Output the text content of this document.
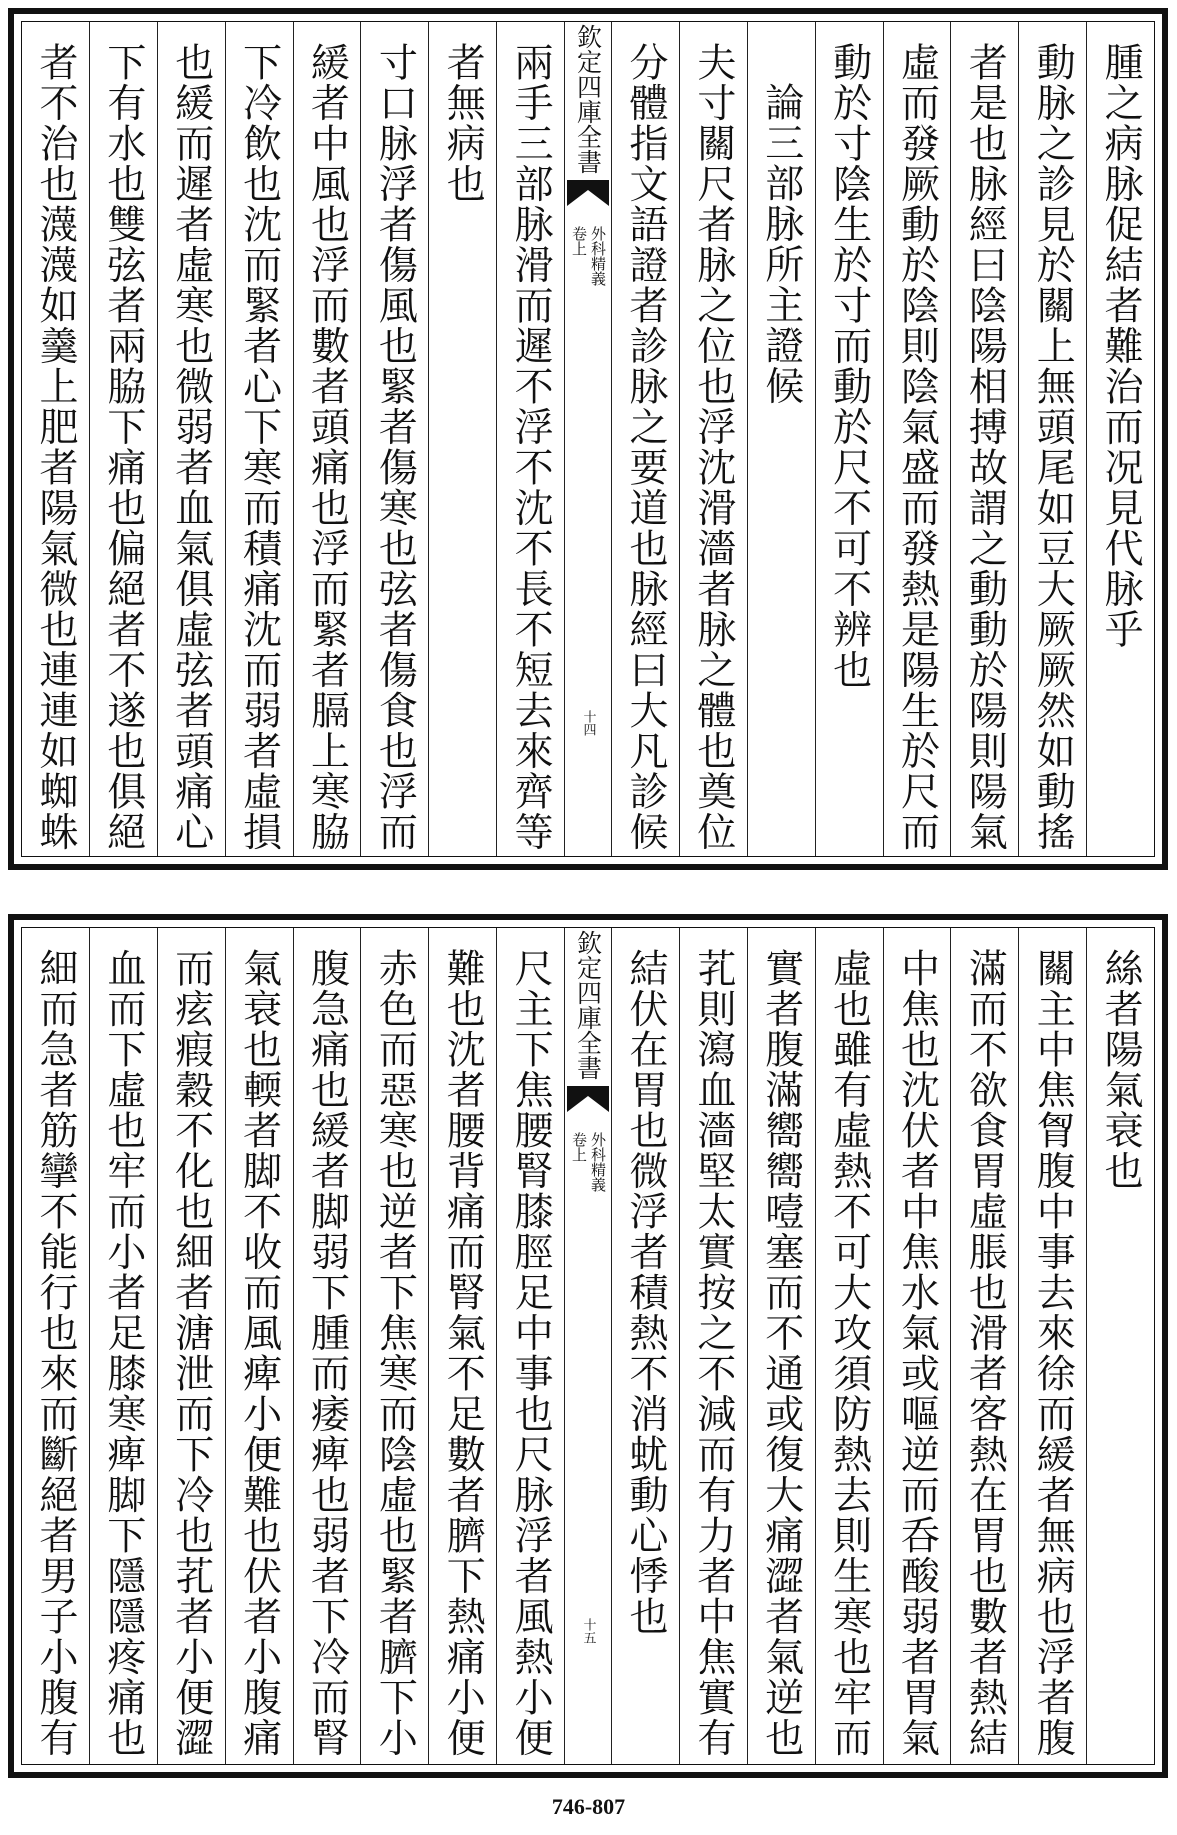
腫之病脉促結者難治而况見代脉乎
動脉之診見於關上無頭尾如豆大厥厥然如動搖
者是也脉經曰陰陽相搏故謂之動動於陽則陽氣
虛而發厥動於陰則陰氣盛而發熱是陽生於尺而
動於寸陰生於寸而動於尺不可不辨也
論三部脉所主證候
夫寸關尺者脉之位也浮沈滑濇者脉之體也奠位
分體指文語證者診脉之要道也脉經曰大凡診候
欽定四庫全書
外科精義
卷上
十四
兩手三部脉滑而遲不浮不沈不長不短去來齊等
者無病也
寸口脉浮者傷風也緊者傷寒也弦者傷食也浮而
緩者中風也浮而數者頭痛也浮而緊者膈上寒脇
下冷飲也沈而緊者心下寒而積痛沈而弱者虛損
也緩而遲者虛寒也微弱者血氣俱虛弦者頭痛心
下有水也雙弦者兩脇下痛也偏絕者不遂也俱絕
者不治也瀎瀎如羹上肥者陽氣微也連連如蜘蛛
絲者陽氣衰也
關主中焦胷腹中事去來徐而緩者無病也浮者腹
滿而不欲食胃虛脹也滑者客熱在胃也數者熱結
中焦也沈伏者中焦水氣或嘔逆而呑酸弱者胃氣
虛也雖有虛熱不可大攻須防熱去則生寒也牢而
實者腹滿嚮嚮噎塞而不通或復大痛澀者氣逆也
芤則瀉血濇堅太實按之不減而有力者中焦實有
結伏在胃也微浮者積熱不消蚘動心悸也
欽定四庫全書
外科精義
卷上
十五
尺主下焦腰腎膝脛足中事也尺脉浮者風熱小便
難也沈者腰背痛而腎氣不足數者臍下熱痛小便
赤色而惡寒也逆者下焦寒而陰虛也緊者臍下小
腹急痛也緩者脚弱下腫而痿痺也弱者下冷而腎
氣衰也輭者脚不收而風痺小便難也伏者小腹痛
而痃瘕穀不化也細者溏泄而下冷也芤者小便澀
血而下虛也牢而小者足膝寒痺脚下隱隱疼痛也
細而急者筋攣不能行也來而斷絕者男子小腹有
746-807
